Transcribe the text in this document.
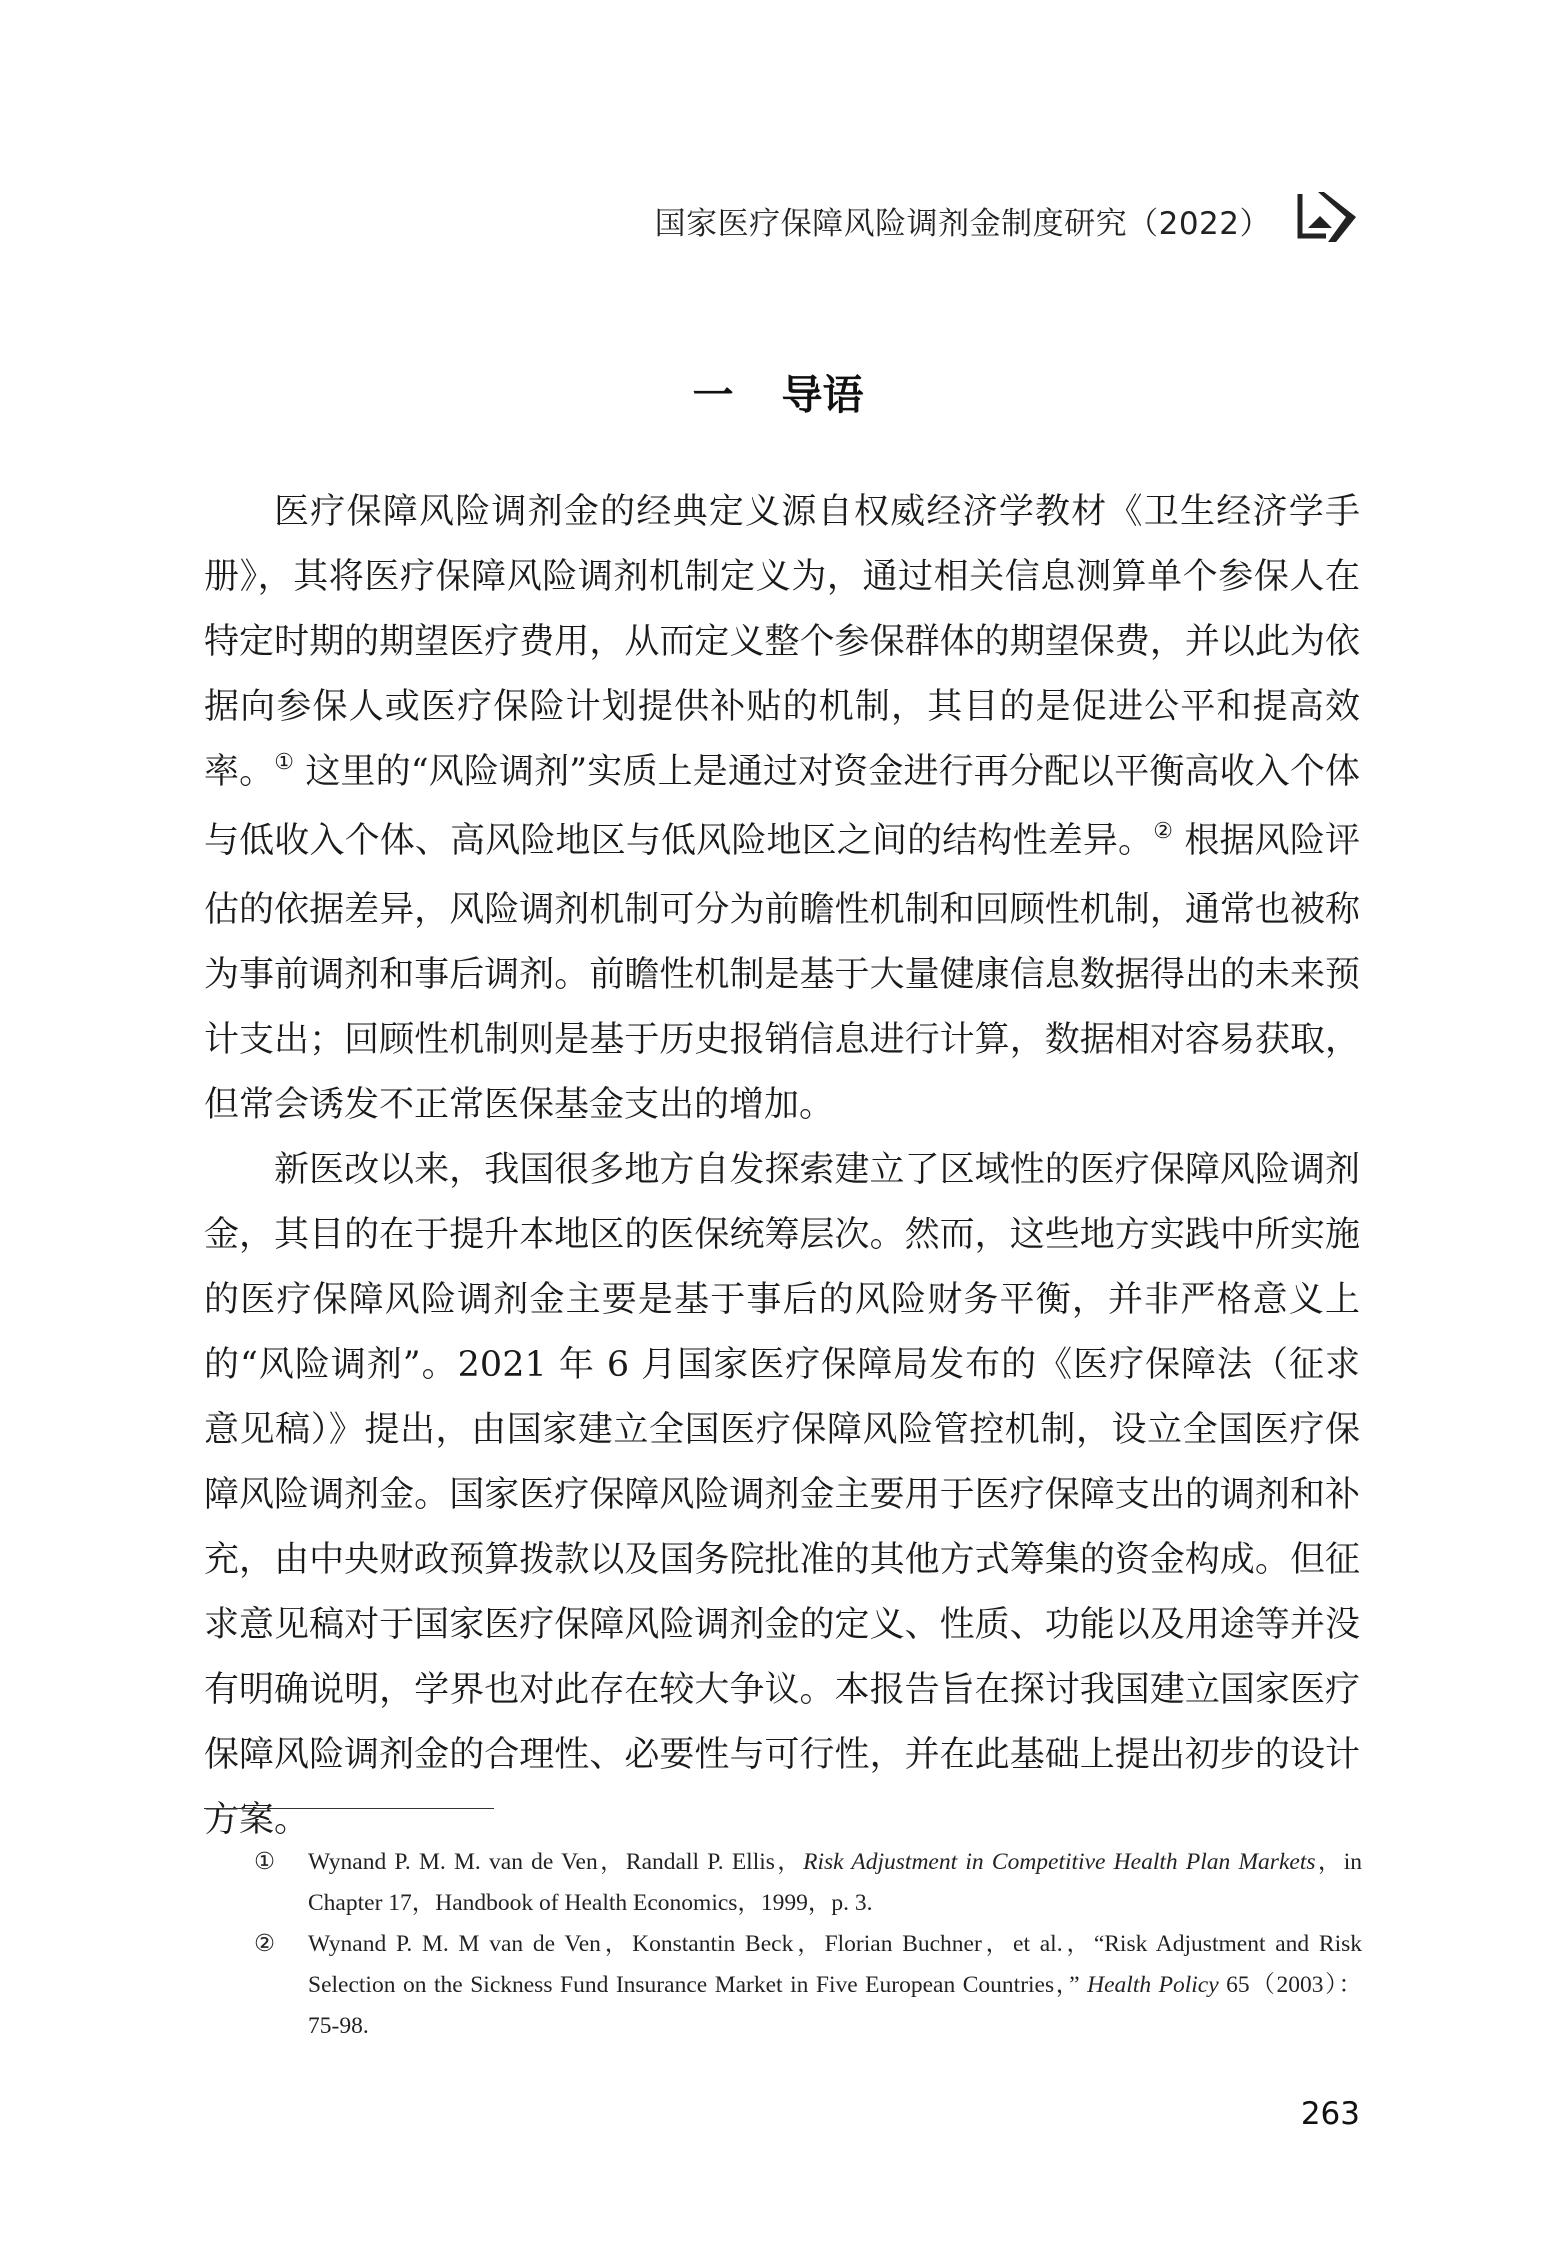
国家医疗保障风险调剂金制度研究（2022）
一 导语

医疗保障风险调剂金的经典定义源自权威经济学教材《卫生经济学手册》，其将医疗保障风险调剂机制定义为，通过相关信息测算单个参保人在特定时期的期望医疗费用，从而定义整个参保群体的期望保费，并以此为依据向参保人或医疗保险计划提供补贴的机制，其目的是促进公平和提高效率。① 这里的“风险调剂”实质上是通过对资金进行再分配以平衡高收入个体与低收入个体、高风险地区与低风险地区之间的结构性差异。② 根据风险评估的依据差异，风险调剂机制可分为前瞻性机制和回顾性机制，通常也被称为事前调剂和事后调剂。前瞻性机制是基于大量健康信息数据得出的未来预计支出；回顾性机制则是基于历史报销信息进行计算，数据相对容易获取，但常会诱发不正常医保基金支出的增加。

新医改以来，我国很多地方自发探索建立了区域性的医疗保障风险调剂金，其目的在于提升本地区的医保统筹层次。然而，这些地方实践中所实施的医疗保障风险调剂金主要是基于事后的风险财务平衡，并非严格意义上的“风险调剂”。2021 年 6 月国家医疗保障局发布的《医疗保障法（征求意见稿）》提出，由国家建立全国医疗保障风险管控机制，设立全国医疗保障风险调剂金。国家医疗保障风险调剂金主要用于医疗保障支出的调剂和补充，由中央财政预算拨款以及国务院批准的其他方式筹集的资金构成。但征求意见稿对于国家医疗保障风险调剂金的定义、性质、功能以及用途等并没有明确说明，学界也对此存在较大争议。本报告旨在探讨我国建立国家医疗保障风险调剂金的合理性、必要性与可行性，并在此基础上提出初步的设计方案。

① Wynand P. M. M. van de Ven，Randall P. Ellis，Risk Adjustment in Competitive Health Plan Markets，in Chapter 17，Handbook of Health Economics，1999，p. 3.
② Wynand P. M. M van de Ven，Konstantin Beck，Florian Buchner，et al.，“Risk Adjustment and Risk Selection on the Sickness Fund Insurance Market in Five European Countries，” Health Policy 65（2003）：75-98.
263
